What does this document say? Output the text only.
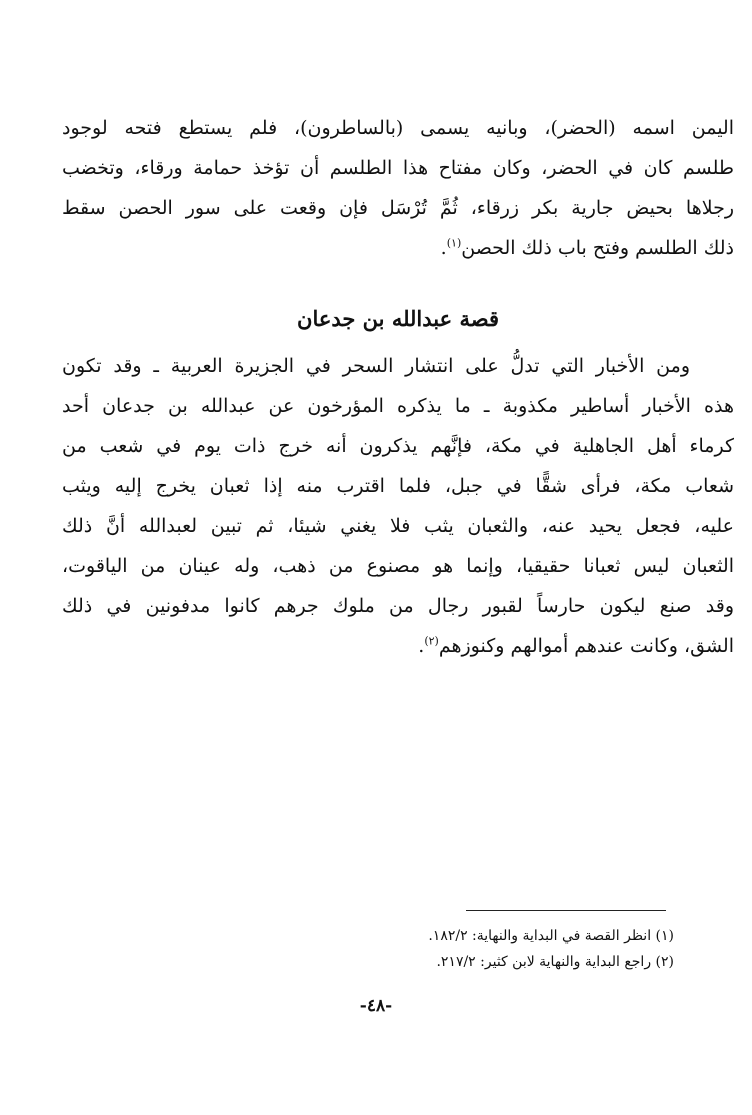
اليمن اسمه (الحضر)، وبانيه يسمى (بالساطرون)، فلم يستطع فتحه لوجود
طلسم كان في الحضر، وكان مفتاح هذا الطلسم أن تؤخذ حمامة ورقاء، وتخضب
رجلاها بحيض جارية بكر زرقاء، ثُمَّ تُرْسَل فإن وقعت على سور الحصن سقط
ذلك الطلسم وفتح باب ذلك الحصن$^{(١)}$.
قصة عبدالله بن جدعان
ومن الأخبار التي تدلُّ على انتشار السحر في الجزيرة العربية ـ وقد تكون
هذه الأخبار أساطير مكذوبة ـ ما يذكره المؤرخون عن عبدالله بن جدعان أحد
كرماء أهل الجاهلية في مكة، فإنَّهم يذكرون أنه خرج ذات يوم في شعب من
شعاب مكة، فرأى شقًّا في جبل، فلما اقترب منه إذا ثعبان يخرج إليه ويثب
عليه، فجعل يحيد عنه، والثعبان يثب فلا يغني شيئا، ثم تبين لعبدالله أنَّ ذلك
الثعبان ليس ثعبانا حقيقيا، وإنما هو مصنوع من ذهب، وله عينان من الياقوت،
وقد صنع ليكون حارساً لقبور رجال من ملوك جرهم كانوا مدفونين في ذلك
الشق، وكانت عندهم أموالهم وكنوزهم$^{(٢)}$.
(١) انظر القصة في البداية والنهاية: ١٨٢/٢.
(٢) راجع البداية والنهاية لابن كثير: ٢١٧/٢.
-٤٨-
